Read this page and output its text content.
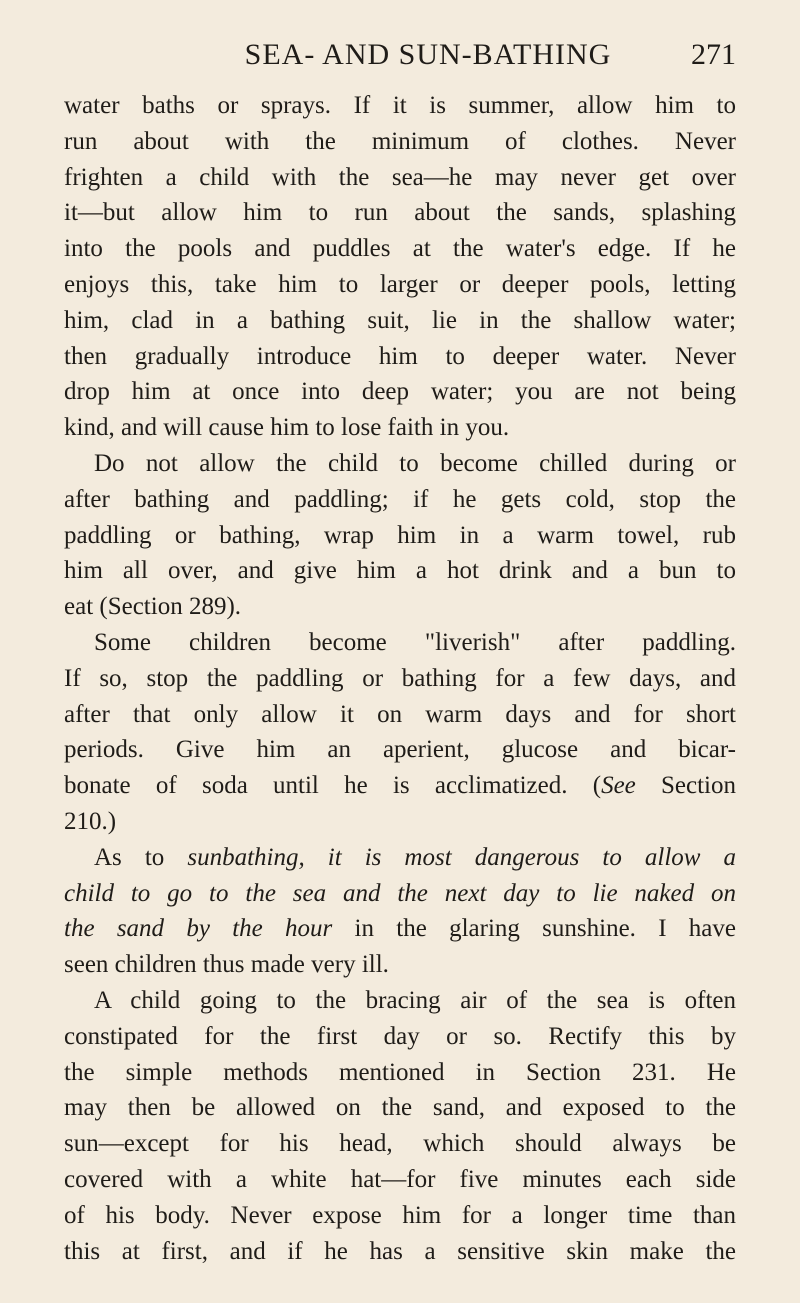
SEA- AND SUN-BATHING	271
water baths or sprays. If it is summer, allow him to
run about with the minimum of clothes. Never
frighten a child with the sea—he may never get over
it—but allow him to run about the sands, splashing
into the pools and puddles at the water's edge. If he
enjoys this, take him to larger or deeper pools, letting
him, clad in a bathing suit, lie in the shallow water;
then gradually introduce him to deeper water. Never
drop him at once into deep water; you are not being
kind, and will cause him to lose faith in you.
Do not allow the child to become chilled during or
after bathing and paddling; if he gets cold, stop the
paddling or bathing, wrap him in a warm towel, rub
him all over, and give him a hot drink and a bun to
eat (Section 289).
Some children become "liverish" after paddling.
If so, stop the paddling or bathing for a few days, and
after that only allow it on warm days and for short
periods. Give him an aperient, glucose and bicar-
bonate of soda until he is acclimatized. (See Section
210.)
As to sunbathing, it is most dangerous to allow a
child to go to the sea and the next day to lie naked on
the sand by the hour in the glaring sunshine. I have
seen children thus made very ill.
A child going to the bracing air of the sea is often
constipated for the first day or so. Rectify this by
the simple methods mentioned in Section 231. He
may then be allowed on the sand, and exposed to the
sun—except for his head, which should always be
covered with a white hat—for five minutes each side
of his body. Never expose him for a longer time than
this at first, and if he has a sensitive skin make the
